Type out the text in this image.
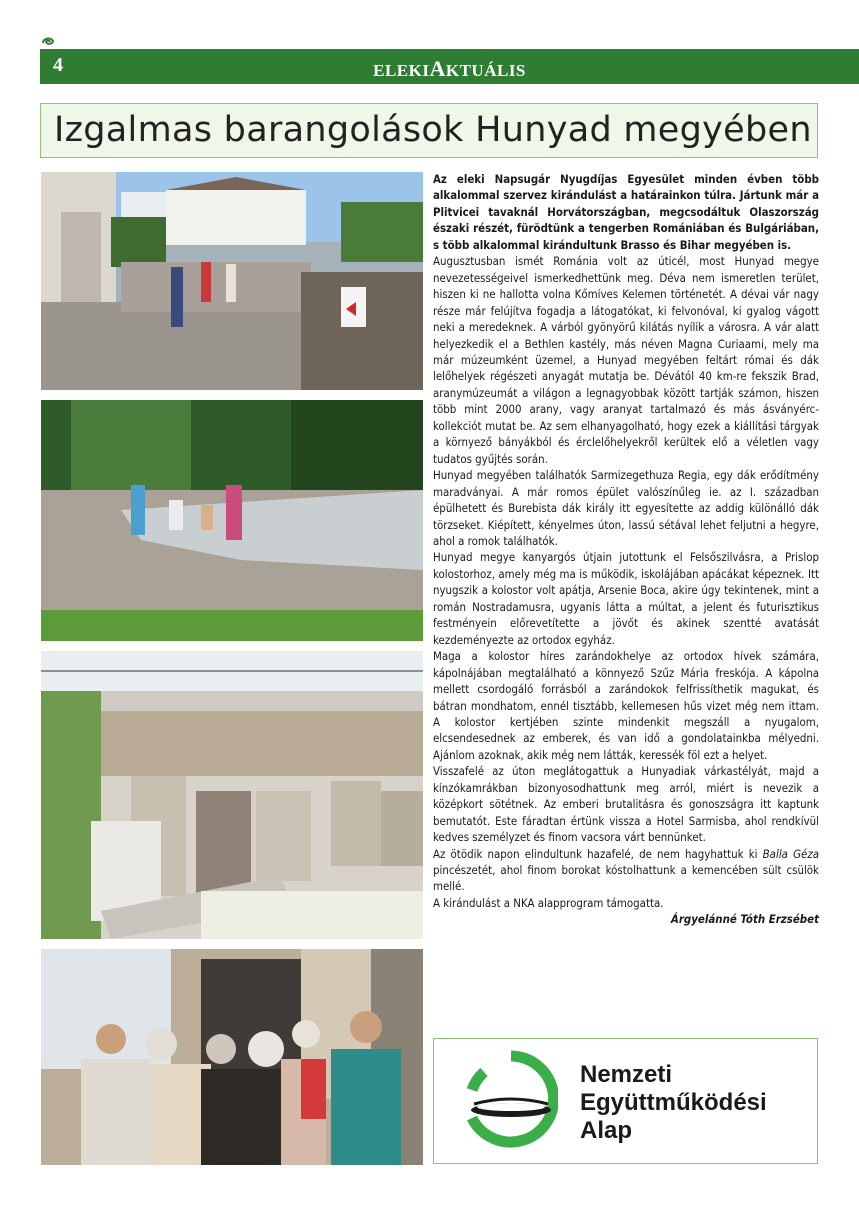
4	ELEKIAKTUÁLIS
Izgalmas barangolások Hunyad megyében

Az eleki Napsugár Nyugdíjas Egyesület minden évben több alkalommal szervez kirándulást a határainkon túlra. Jártunk már a Plitvicei tavaknál Horvátországban, megcsodáltuk Olaszország északi részét, fürödtünk a tengerben Romániában és Bulgáriában, s több alkalommal kirándultunk Brasso és Bihar megyében is.

Augusztusban ismét Románia volt az úticél, most Hunyad megye nevezetességeivel ismerkedhettünk meg. Déva nem ismeretlen terület, hiszen ki ne hallotta volna Kőmíves Kelemen történetét. A dévai vár nagy része már felújítva fogadja a látogatókat, ki felvonóval, ki gyalog vágott neki a meredeknek. A várból gyönyörű kilátás nyílik a városra. A vár alatt helyezkedik el a Bethlen kastély, más néven Magna Curiaami, mely ma már múzeumként üzemel, a Hunyad megyében feltárt római és dák lelőhelyek régészeti anyagát mutatja be. Dévától 40 km-re fekszik Brad, aranymúzeumát a világon a legnagyobbak között tartják számon, hiszen több mint 2000 arany, vagy aranyat tartalmazó és más ásványérc-kollekciót mutat be. Az sem elhanyagolható, hogy ezek a kiállítási tárgyak a környező bányákból és érclelőhelyekről kerültek elő a véletlen vagy tudatos gyűjtés során.

Hunyad megyében találhatók Sarmizegethuza Regia, egy dák erődítmény maradványai. A már romos épület valószínűleg ie. az I. században épülhetett és Burebista dák király itt egyesítette az addig különálló dák törzseket. Kiépített, kényelmes úton, lassú sétával lehet feljutni a hegyre, ahol a romok találhatók.

Hunyad megye kanyargós útjain jutottunk el Felsőszilvásra, a Prislop kolostorhoz, amely még ma is működik, iskolájában apácákat képeznek. Itt nyugszik a kolostor volt apátja, Arsenie Boca, akire úgy tekintenek, mint a román Nostradamusra, ugyanis látta a múltat, a jelent és futurisztikus festményein előrevetítette a jövőt és akinek szentté avatását kezdeményezte az ortodox egyház.

Maga a kolostor híres zarándokhelye az ortodox hívek számára, kápolnájában megtalálható a könnyező Szűz Mária freskója. A kápolna mellett csordogáló forrásból a zarándokok felfrissíthetik magukat, és bátran mondhatom, ennél tisztább, kellemesen hűs vizet még nem ittam. A kolostor kertjében szinte mindenkit megszáll a nyugalom, elcsendesednek az emberek, és van idő a gondolatainkba mélyedni. Ajánlom azoknak, akik még nem látták, keressék föl ezt a helyet.

Visszafelé az úton meglátogattuk a Hunyadiak várkastélyát, majd a kínzókamrákban bizonyosodhattunk meg arról, miért is nevezik a középkort sötétnek. Az emberi brutalitásra és gonoszságra itt kaptunk bemutatót. Este fáradtan értünk vissza a Hotel Sarmisba, ahol rendkívül kedves személyzet és finom vacsora várt bennünket.

Az ötödik napon elindultunk hazafelé, de nem hagyhattuk ki Balla Géza pincészetét, ahol finom borokat kóstolhattunk a kemencében sült csülök mellé.

A kirándulást a NKA alapprogram támogatta.

Árgyelánné Tóth Erzsébet

Nemzeti
Együttműködési
Alap
